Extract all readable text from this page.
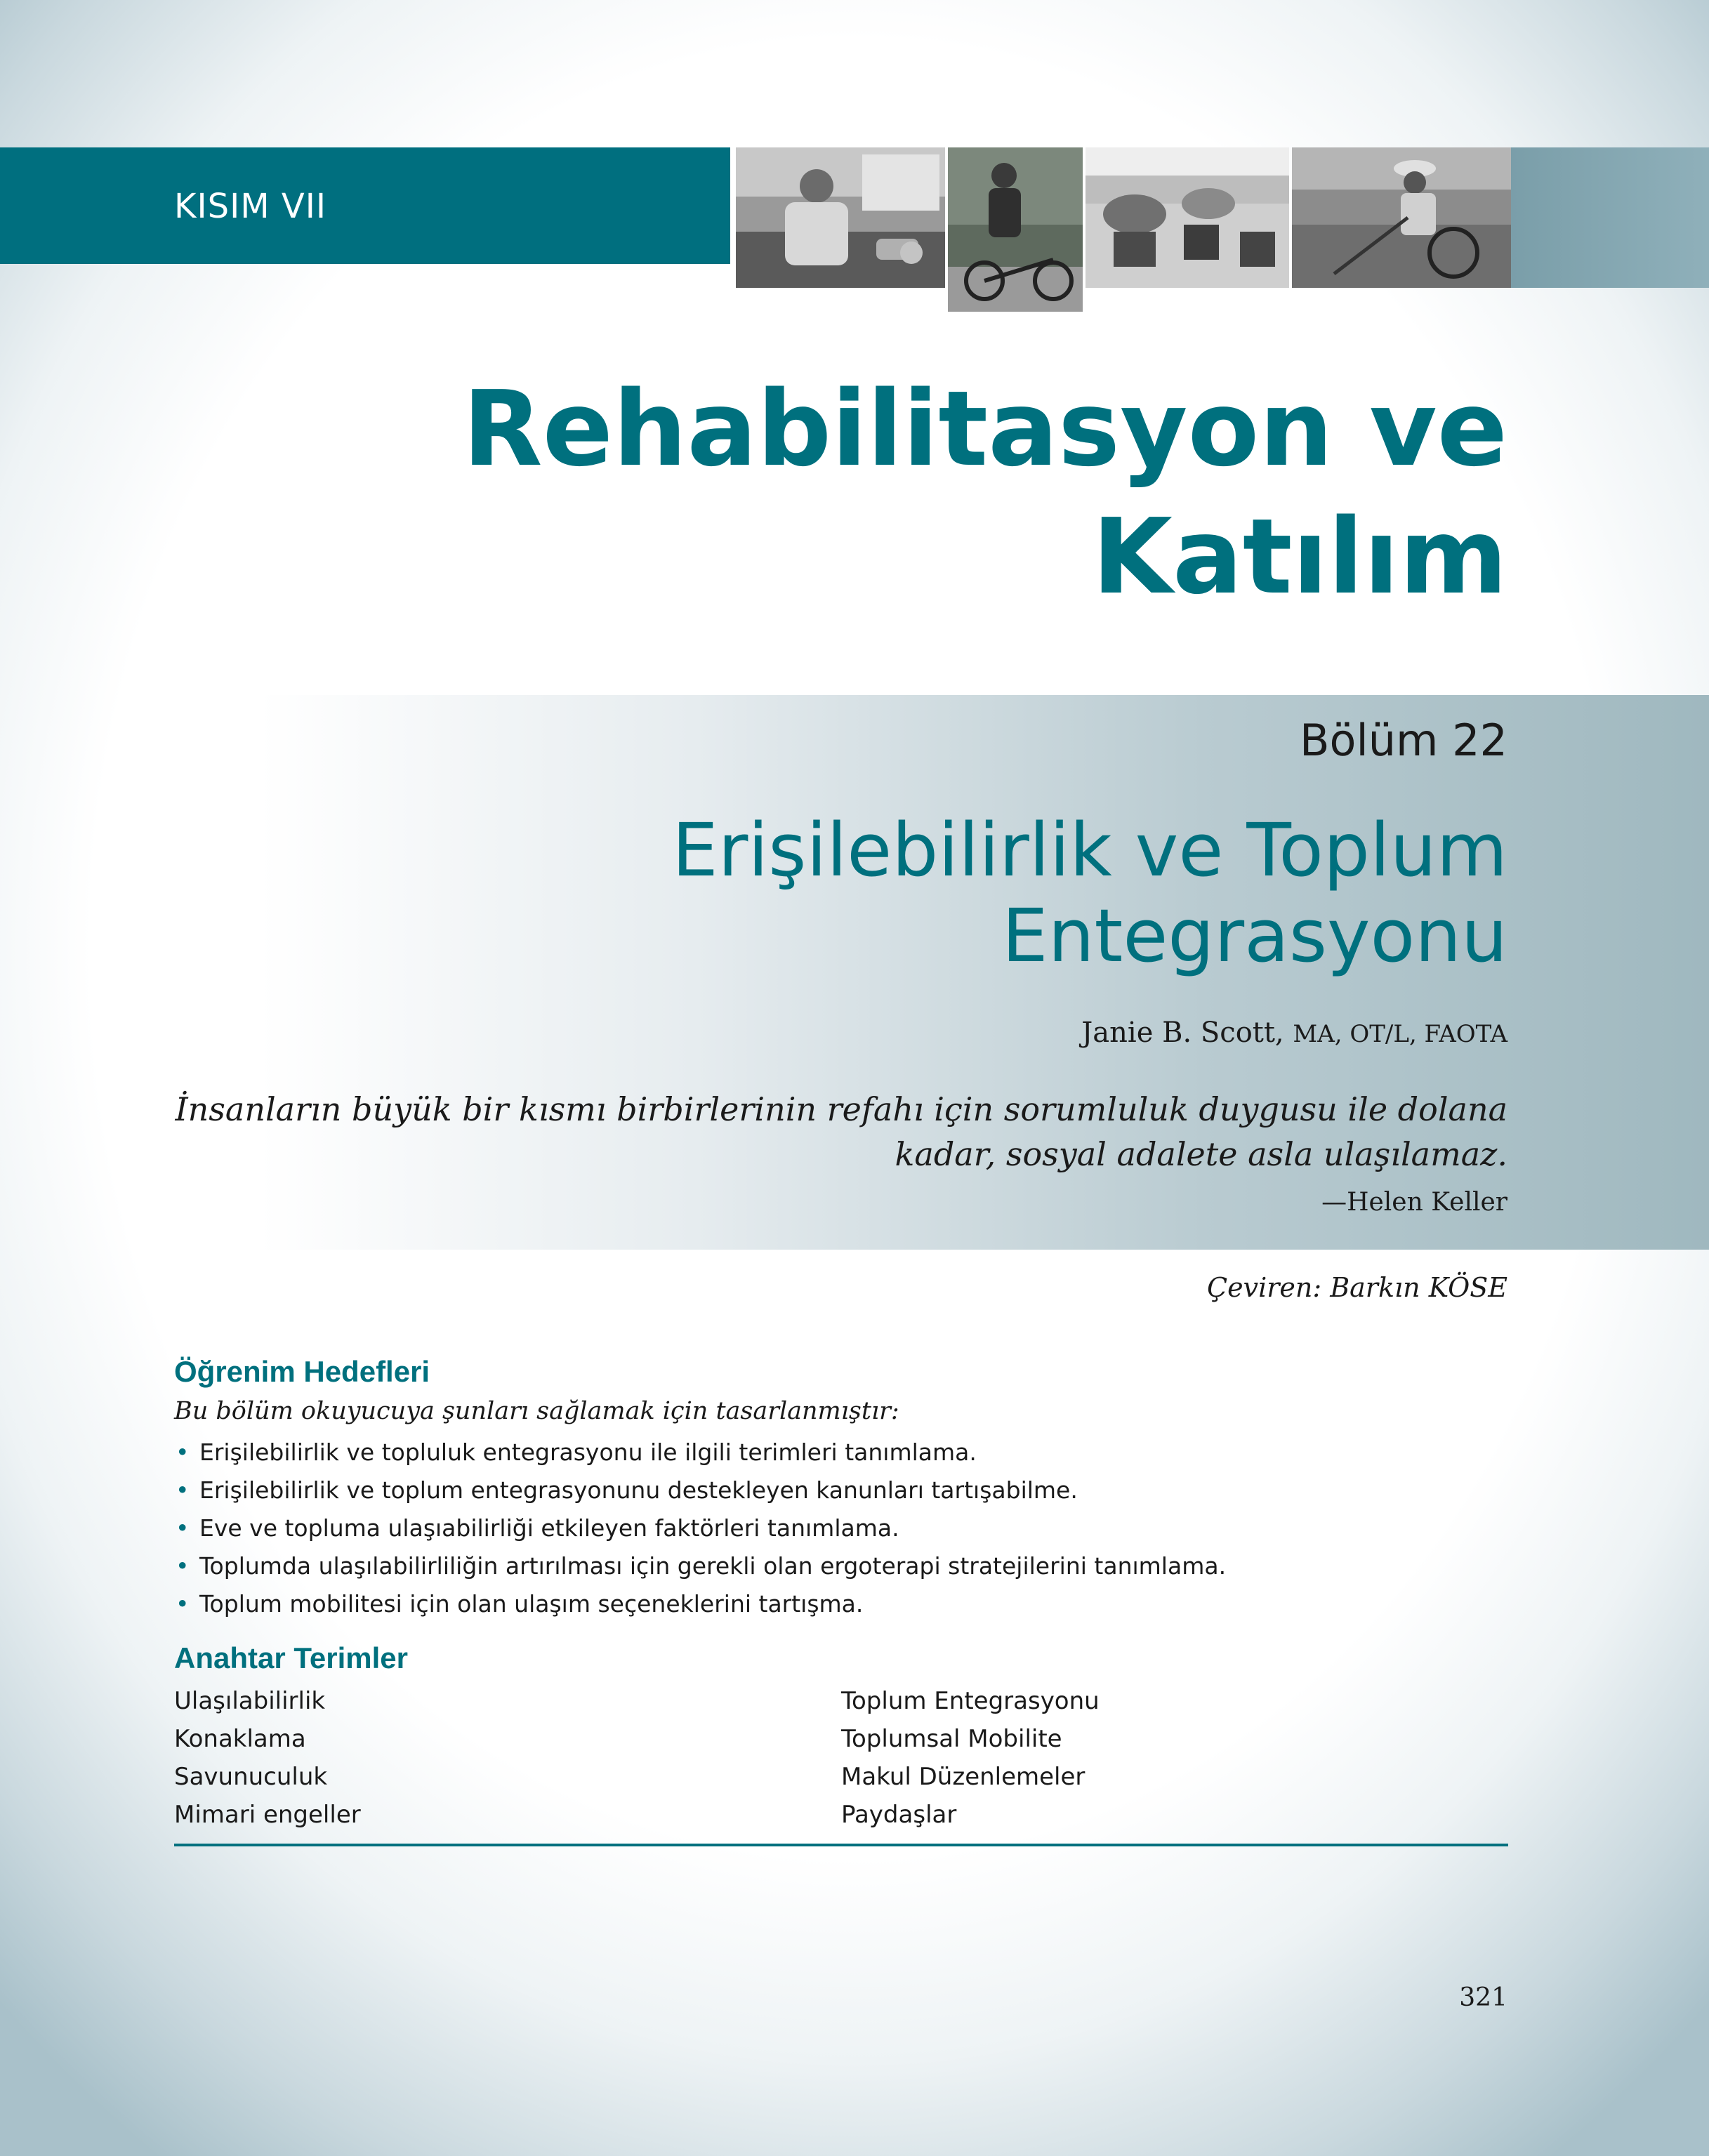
KISIM VII
Rehabilitasyon ve
Katılım
Bölüm 22
Erişilebilirlik ve Toplum
Entegrasyonu
Janie B. Scott, MA, OT/L, FAOTA
İnsanların büyük bir kısmı birbirlerinin refahı için sorumluluk duygusu ile dolana
kadar, sosyal adalete asla ulaşılamaz.
—Helen Keller
Çeviren: Barkın KÖSE
Öğrenim Hedefleri
Bu bölüm okuyucuya şunları sağlamak için tasarlanmıştır:
• Erişilebilirlik ve topluluk entegrasyonu ile ilgili terimleri tanımlama.
• Erişilebilirlik ve toplum entegrasyonunu destekleyen kanunları tartışabilme.
• Eve ve topluma ulaşıabilirliği etkileyen faktörleri tanımlama.
• Toplumda ulaşılabilirliliğin artırılması için gerekli olan ergoterapi stratejilerini tanımlama.
• Toplum mobilitesi için olan ulaşım seçeneklerini tartışma.
Anahtar Terimler
Ulaşılabilirlik
Konaklama
Savunuculuk
Mimari engeller
Toplum Entegrasyonu
Toplumsal Mobilite
Makul Düzenlemeler
Paydaşlar
321
